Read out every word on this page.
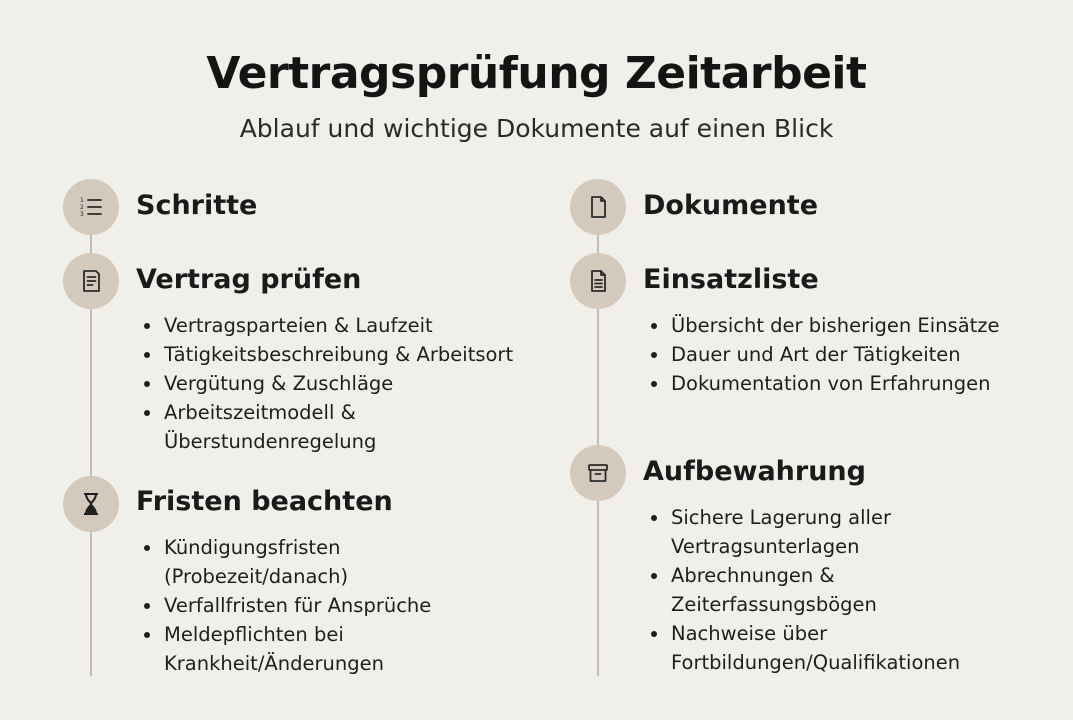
Vertragsprüfung Zeitarbeit
Ablauf und wichtige Dokumente auf einen Blick
1
2
3 Schritte
Vertrag prüfen
Vertragsparteien & Laufzeit
Tätigkeitsbeschreibung & Arbeitsort
Vergütung & Zuschläge
Arbeitszeitmodell &
Überstundenregelung
Fristen beachten
Kündigungsfristen
(Probezeit/danach)
Verfallfristen für Ansprüche
Meldepflichten bei
Krankheit/Änderungen
Dokumente
Einsatzliste
Übersicht der bisherigen Einsätze
Dauer und Art der Tätigkeiten
Dokumentation von Erfahrungen
Aufbewahrung
Sichere Lagerung aller
Vertragsunterlagen
Abrechnungen &
Zeiterfassungsbögen
Nachweise über
Fortbildungen/Qualifikationen
